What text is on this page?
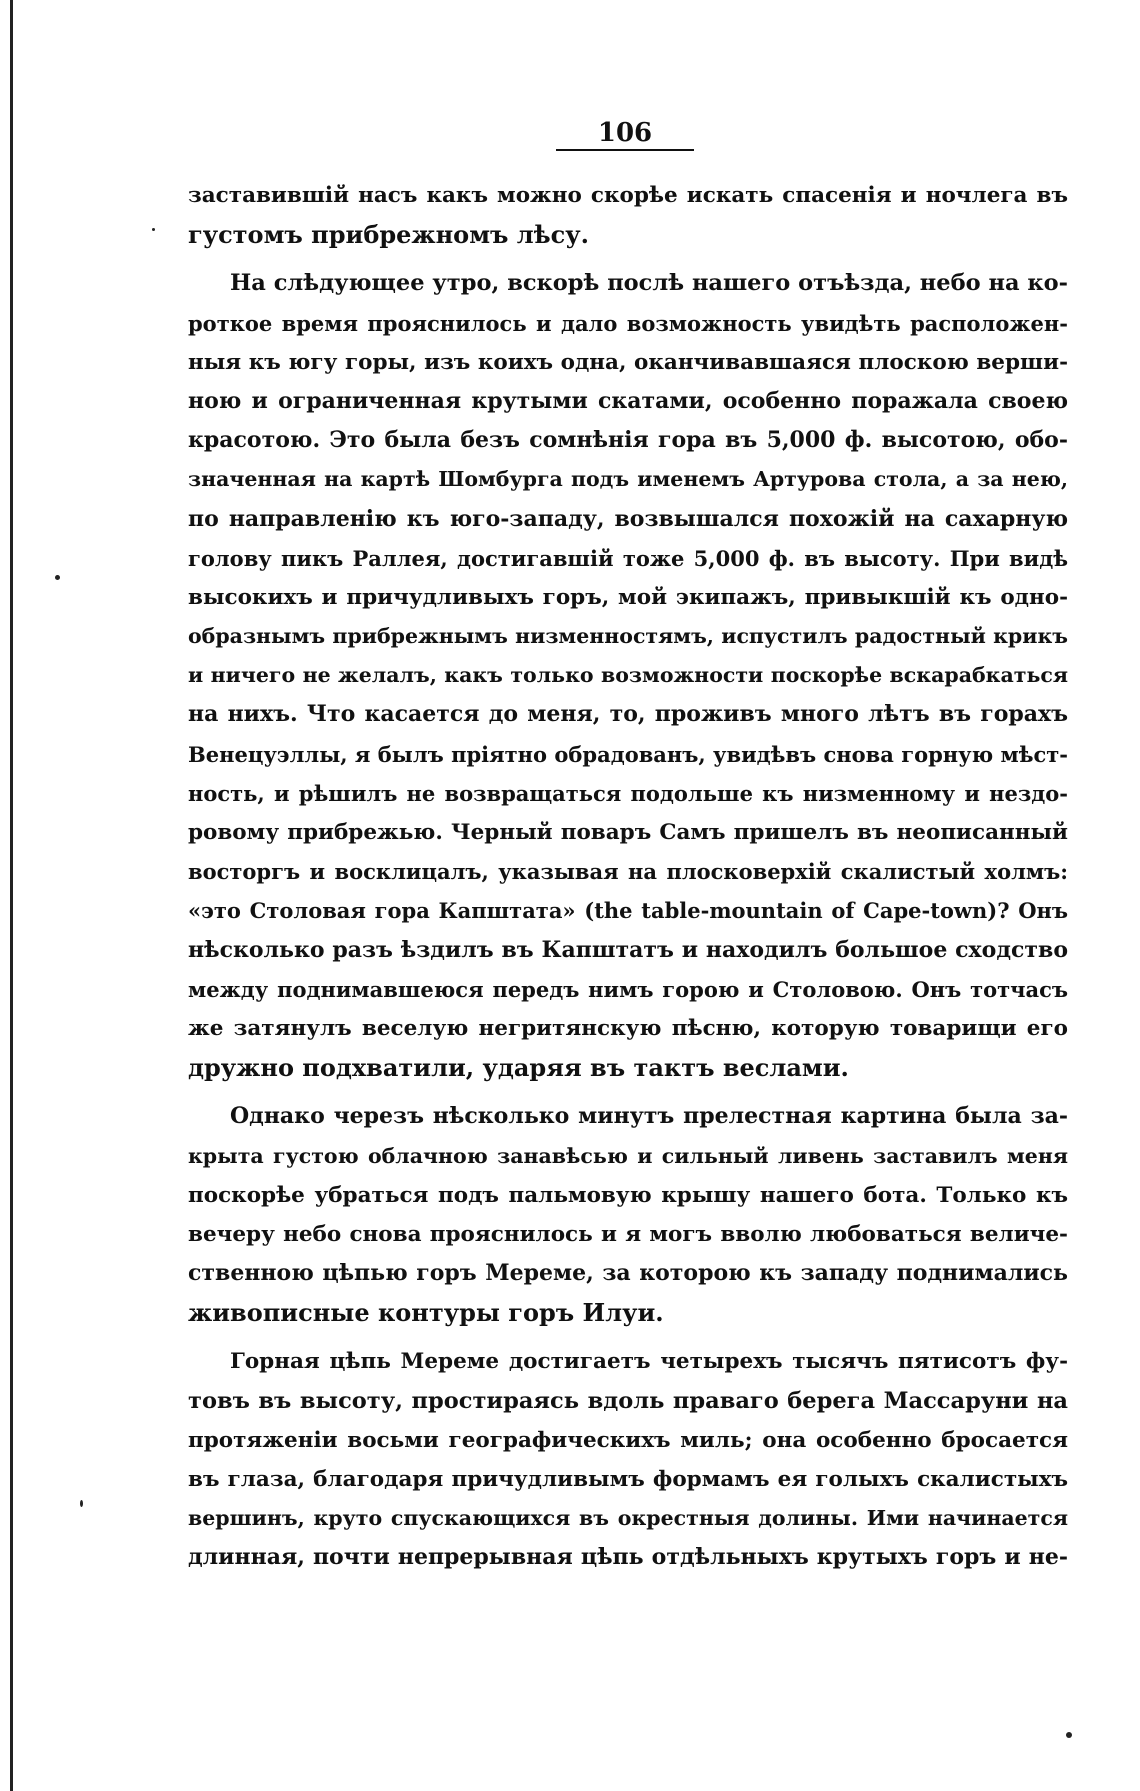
106
заставившій насъ какъ можно скорѣе искать спасенія и ночлега въ
густомъ прибрежномъ лѣсу.
На слѣдующее утро, вскорѣ послѣ нашего отъѣзда, небо на ко-
роткое время прояснилось и дало возможность увидѣть расположен-
ныя къ югу горы, изъ коихъ одна, оканчивавшаяся плоскою верши-
ною и ограниченная крутыми скатами, особенно поражала своею
красотою. Это была безъ сомнѣнія гора въ 5,000 ф. высотою, обо-
значенная на картѣ Шомбурга подъ именемъ Артурова стола, а за нею,
по направленію къ юго-западу, возвышался похожій на сахарную
голову пикъ Раллея, достигавшій тоже 5,000 ф. въ высоту. При видѣ
высокихъ и причудливыхъ горъ, мой экипажъ, привыкшій къ одно-
образнымъ прибрежнымъ низменностямъ, испустилъ радостный крикъ
и ничего не желалъ, какъ только возможности поскорѣе вскарабкаться
на нихъ. Что касается до меня, то, проживъ много лѣтъ въ горахъ
Венецуэллы, я былъ пріятно обрадованъ, увидѣвъ снова горную мѣст-
ность, и рѣшилъ не возвращаться подольше къ низменному и нездо-
ровому прибрежью. Черный поваръ Самъ пришелъ въ неописанный
восторгъ и восклицалъ, указывая на плосковерхій скалистый холмъ:
«это Столовая гора Капштата» (the table-mountain of Cape-town)? Онъ
нѣсколько разъ ѣздилъ въ Капштатъ и находилъ большое сходство
между поднимавшеюся передъ нимъ горою и Столовою. Онъ тотчасъ
же затянулъ веселую негритянскую пѣсню, которую товарищи его
дружно подхватили, ударяя въ тактъ веслами.
Однако черезъ нѣсколько минутъ прелестная картина была за-
крыта густою облачною занавѣсью и сильный ливень заставилъ меня
поскорѣе убраться подъ пальмовую крышу нашего бота. Только къ
вечеру небо снова прояснилось и я могъ вволю любоваться величе-
ственною цѣпью горъ Мереме, за которою къ западу поднимались
живописные контуры горъ Илуи.
Горная цѣпь Мереме достигаетъ четырехъ тысячъ пятисотъ фу-
товъ въ высоту, простираясь вдоль праваго берега Массаруни на
протяженіи восьми географическихъ миль; она особенно бросается
въ глаза, благодаря причудливымъ формамъ ея голыхъ скалистыхъ
вершинъ, круто спускающихся въ окрестныя долины. Ими начинается
длинная, почти непрерывная цѣпь отдѣльныхъ крутыхъ горъ и не-
